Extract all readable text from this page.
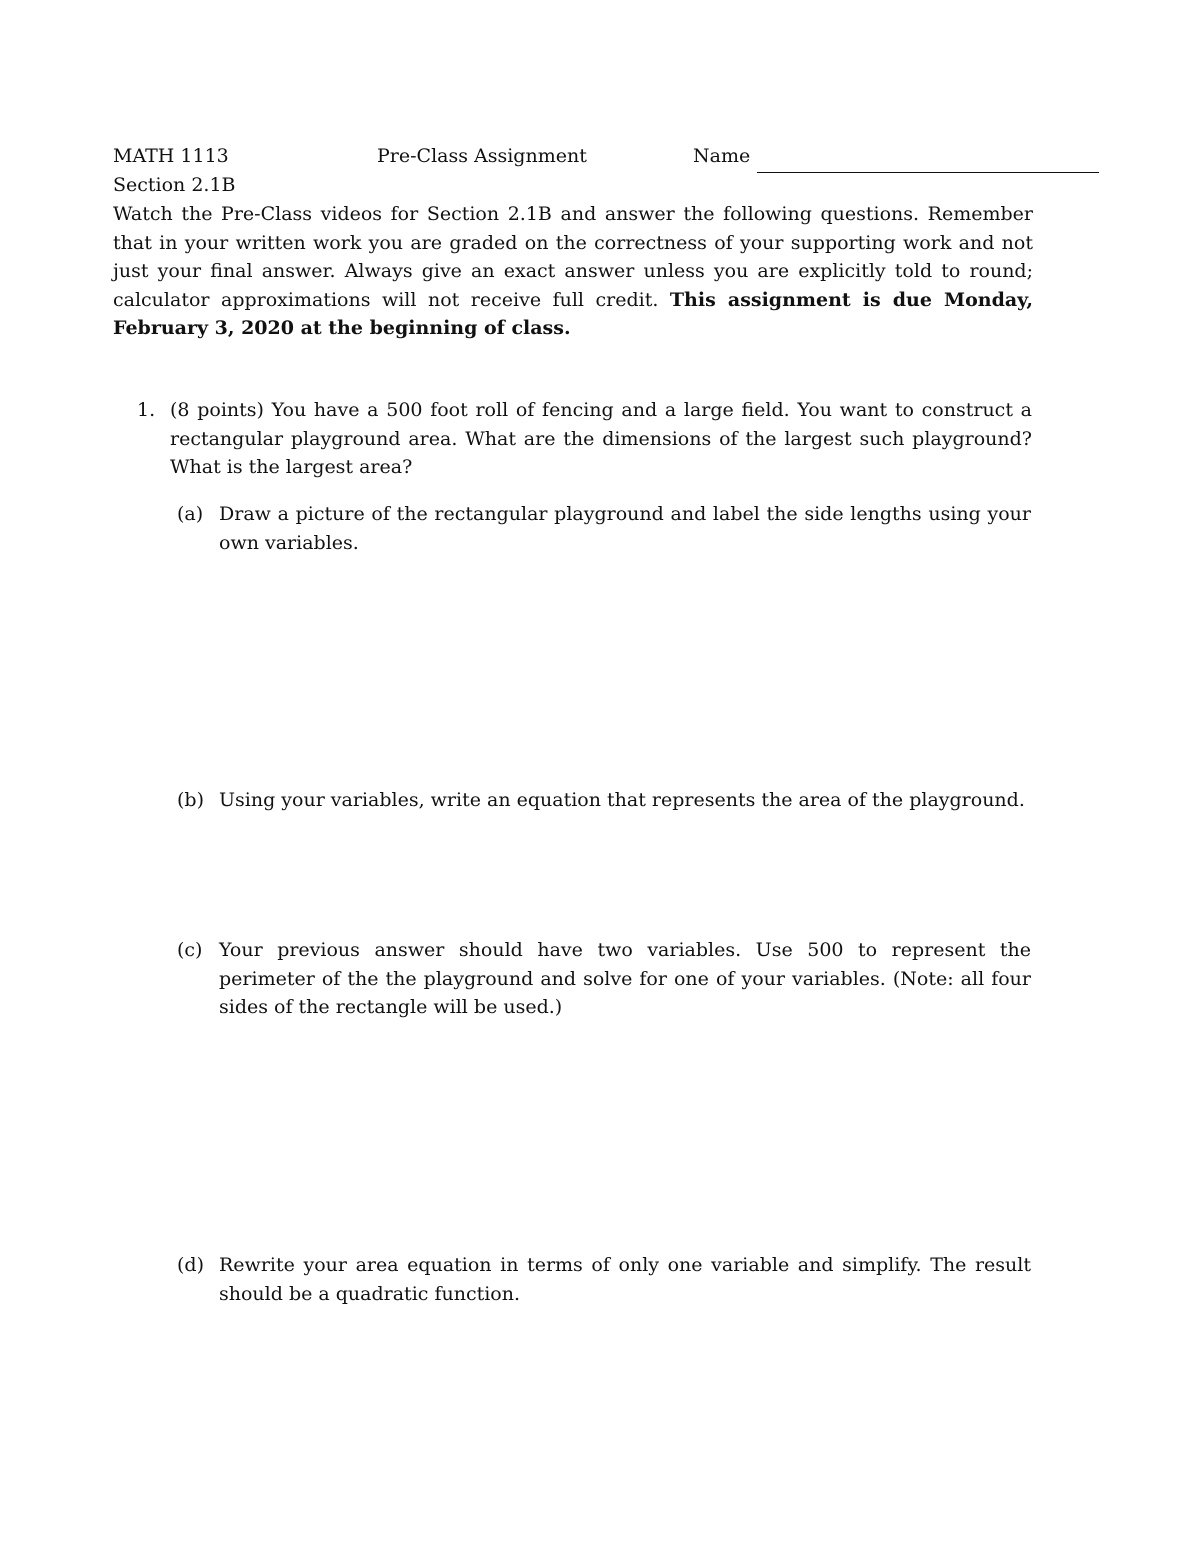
MATH 1113	Pre-Class Assignment	Name
Section 2.1B

Watch the Pre-Class videos for Section 2.1B and answer the following questions. Remember that in your written work you are graded on the correctness of your supporting work and not just your final answer. Always give an exact answer unless you are explicitly told to round; calculator approximations will not receive full credit. This assignment is due Monday, February 3, 2020 at the beginning of class.

1. (8 points) You have a 500 foot roll of fencing and a large field. You want to construct a rectangular playground area. What are the dimensions of the largest such playground? What is the largest area?
(a) Draw a picture of the rectangular playground and label the side lengths using your own variables.
(b) Using your variables, write an equation that represents the area of the playground.
(c) Your previous answer should have two variables. Use 500 to represent the perimeter of the the playground and solve for one of your variables. (Note: all four sides of the rectangle will be used.)
(d) Rewrite your area equation in terms of only one variable and simplify. The result should be a quadratic function.
